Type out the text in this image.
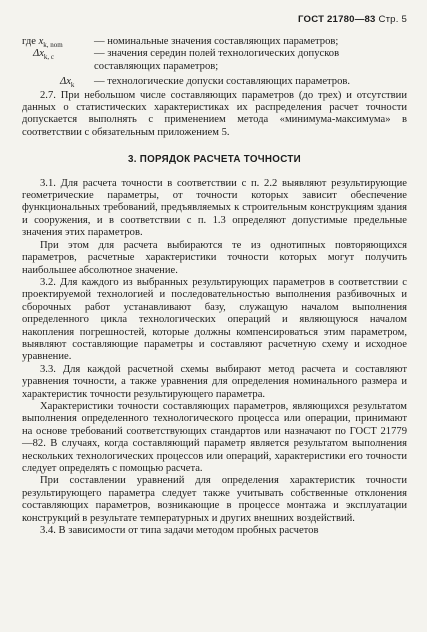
ГОСТ 21780—83 Стр. 5
где $x_{k, nom}$	— номинальные значения составляющих параметров;
$\Delta x_{k, c}$	— значения середин полей технологических допусков
составляющих параметров;
$\Delta x_k$	— технологические допуски составляющих параметров.

2.7. При небольшом числе составляющих параметров (до трех) и отсутствии данных о статистических характеристиках их распределения расчет точности допускается выполнять с применением метода «минимума-максимума» в соответствии с обязательным приложением 5.

3. ПОРЯДОК РАСЧЕТА ТОЧНОСТИ

3.1. Для расчета точности в соответствии с п. 2.2 выявляют результирующие геометрические параметры, от точности которых зависит обеспечение функциональных требований, предъявляемых к строительным конструкциям здания и сооружения, и в соответствии с п. 1.3 определяют допустимые предельные значения этих параметров.

При этом для расчета выбираются те из однотипных повторяющихся параметров, расчетные характеристики точности которых могут получить наибольшее абсолютное значение.

3.2. Для каждого из выбранных результирующих параметров в соответствии с проектируемой технологией и последовательностью выполнения разбивочных и сборочных работ устанавливают базу, служащую началом выполнения определенного цикла технологических операций и являющуюся началом накопления погрешностей, которые должны компенсироваться этим параметром, выявляют составляющие параметры и составляют расчетную схему и исходное уравнение.

3.3. Для каждой расчетной схемы выбирают метод расчета и составляют уравнения точности, а также уравнения для определения номинального размера и характеристик точности результирующего параметра.

Характеристики точности составляющих параметров, являющихся результатом выполнения определенного технологического процесса или операции, принимают на основе требований соответствующих стандартов или назначают по ГОСТ 21779—82. В случаях, когда составляющий параметр является результатом выполнения нескольких технологических процессов или операций, характеристики его точности следует определять с помощью расчета.

При составлении уравнений для определения характеристик точности результирующего параметра следует также учитывать собственные отклонения составляющих параметров, возникающие в процессе монтажа и эксплуатации конструкций в результате температурных и других внешних воздействий.

3.4. В зависимости от типа задачи методом пробных расчетов
